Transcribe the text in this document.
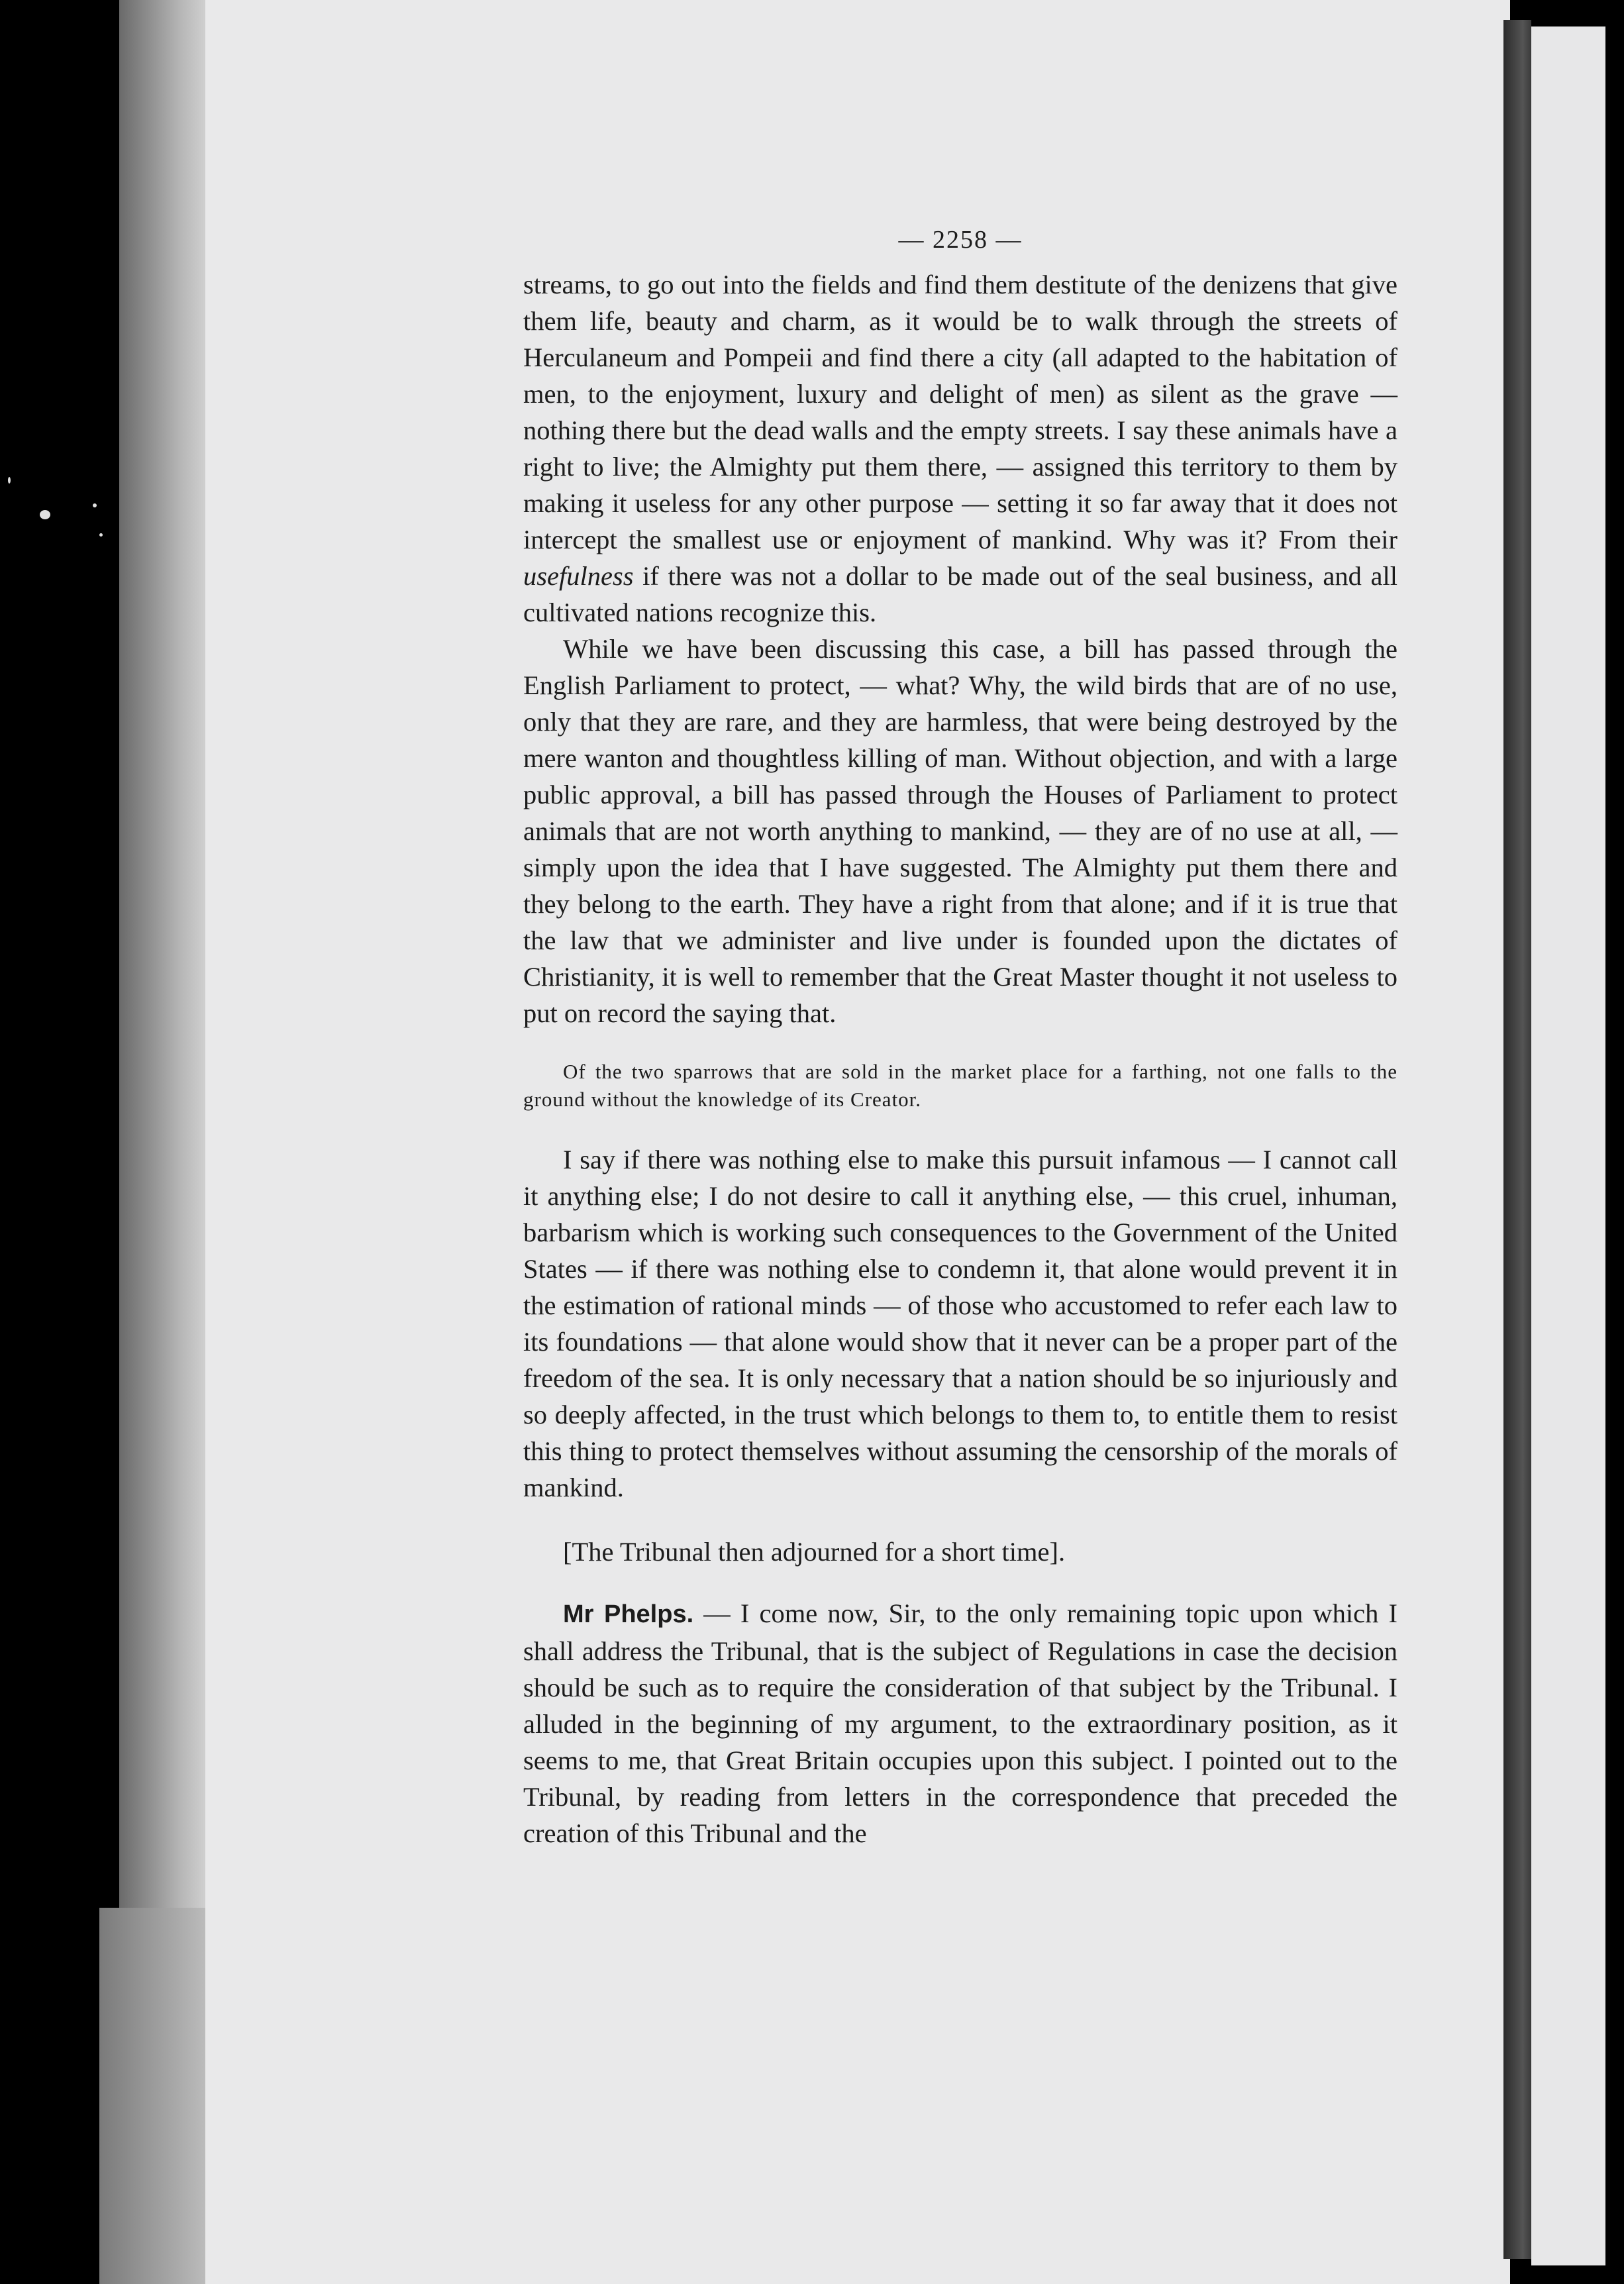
— 2258 —

streams, to go out into the fields and find them destitute of the denizens that give them life, beauty and charm, as it would be to walk through the streets of Herculaneum and Pompeii and find there a city (all adapted to the habitation of men, to the enjoyment, luxury and delight of men) as silent as the grave — nothing there but the dead walls and the empty streets. I say these animals have a right to live; the Almighty put them there, — assigned this territory to them by making it useless for any other purpose — setting it so far away that it does not intercept the smallest use or enjoyment of mankind. Why was it? From their usefulness if there was not a dollar to be made out of the seal business, and all cultivated nations recognize this.

While we have been discussing this case, a bill has passed through the English Parliament to protect, — what? Why, the wild birds that are of no use, only that they are rare, and they are harmless, that were being destroyed by the mere wanton and thoughtless killing of man. Without objection, and with a large public approval, a bill has passed through the Houses of Parliament to protect animals that are not worth anything to mankind, — they are of no use at all, — simply upon the idea that I have suggested. The Almighty put them there and they belong to the earth. They have a right from that alone; and if it is true that the law that we administer and live under is founded upon the dictates of Christianity, it is well to remember that the Great Master thought it not useless to put on record the saying that.

Of the two sparrows that are sold in the market place for a farthing, not one falls to the ground without the knowledge of its Creator.

I say if there was nothing else to make this pursuit infamous — I cannot call it anything else; I do not desire to call it anything else, — this cruel, inhuman, barbarism which is working such consequences to the Government of the United States — if there was nothing else to condemn it, that alone would prevent it in the estimation of rational minds — of those who accustomed to refer each law to its foundations — that alone would show that it never can be a proper part of the freedom of the sea. It is only necessary that a nation should be so injuriously and so deeply affected, in the trust which belongs to them to, to entitle them to resist this thing to protect themselves without assuming the censorship of the morals of mankind.

[The Tribunal then adjourned for a short time].

Mr Phelps. — I come now, Sir, to the only remaining topic upon which I shall address the Tribunal, that is the subject of Regulations in case the decision should be such as to require the consideration of that subject by the Tribunal. I alluded in the beginning of my argument, to the extraordinary position, as it seems to me, that Great Britain occupies upon this subject. I pointed out to the Tribunal, by reading from letters in the correspondence that preceded the creation of this Tribunal and the
